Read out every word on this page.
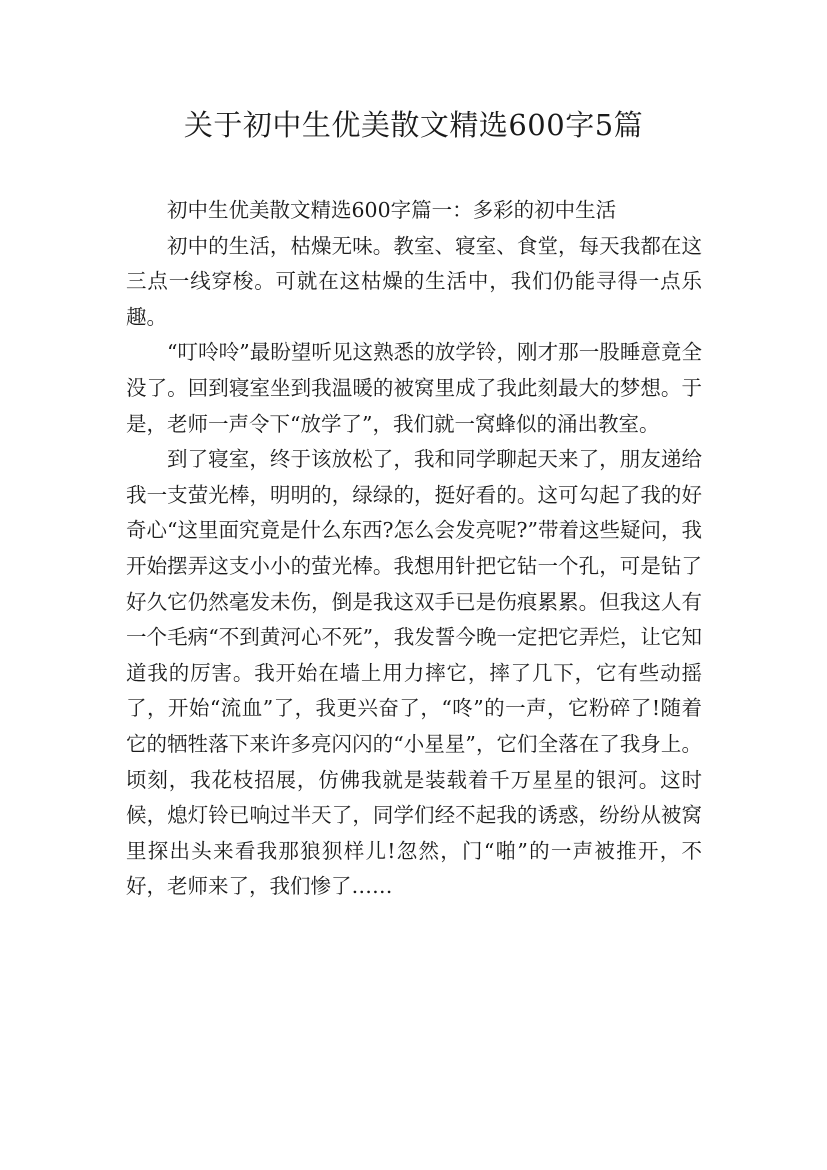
关于初中生优美散文精选600字5篇

初中生优美散文精选600字篇一：多彩的初中生活

初中的生活，枯燥无味。教室、寝室、食堂，每天我都在这三点一线穿梭。可就在这枯燥的生活中，我们仍能寻得一点乐趣。

“叮呤呤”最盼望听见这熟悉的放学铃，刚才那一股睡意竟全没了。回到寝室坐到我温暖的被窝里成了我此刻最大的梦想。于是，老师一声令下“放学了”，我们就一窝蜂似的涌出教室。

到了寝室，终于该放松了，我和同学聊起天来了，朋友递给我一支萤光棒，明明的，绿绿的，挺好看的。这可勾起了我的好奇心“这里面究竟是什么东西?怎么会发亮呢?”带着这些疑问，我开始摆弄这支小小的萤光棒。我想用针把它钻一个孔，可是钻了好久它仍然毫发未伤，倒是我这双手已是伤痕累累。但我这人有一个毛病“不到黄河心不死”，我发誓今晚一定把它弄烂，让它知道我的厉害。我开始在墙上用力摔它，摔了几下，它有些动摇了，开始“流血”了，我更兴奋了，“咚”的一声，它粉碎了!随着它的牺牲落下来许多亮闪闪的“小星星”，它们全落在了我身上。顷刻，我花枝招展，仿佛我就是装载着千万星星的银河。这时候，熄灯铃已响过半天了，同学们经不起我的诱惑，纷纷从被窝里探出头来看我那狼狈样儿!忽然，门“啪”的一声被推开，不好，老师来了，我们惨了……
